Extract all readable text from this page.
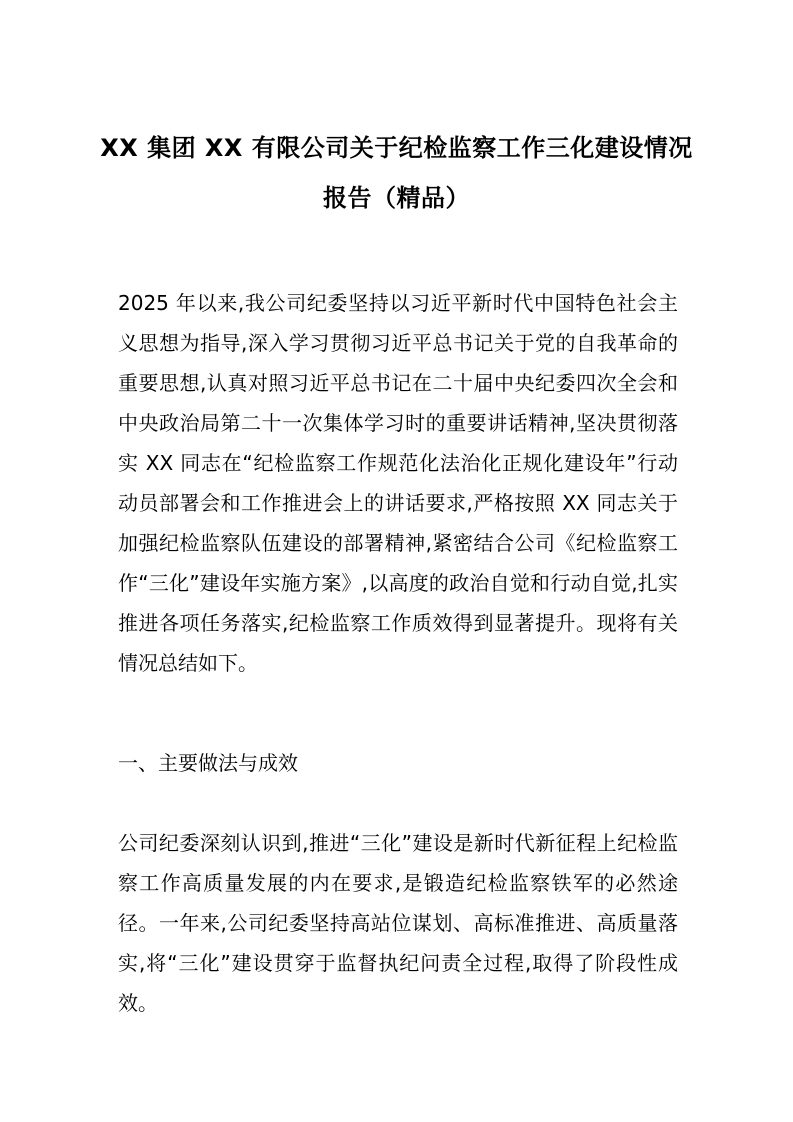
XX 集团 XX 有限公司关于纪检监察工作三化建设情况
报告（精品）
2025 年以来,我公司纪委坚持以习近平新时代中国特色社会主义思想为指导,深入学习贯彻习近平总书记关于党的自我革命的重要思想,认真对照习近平总书记在二十届中央纪委四次全会和中央政治局第二十一次集体学习时的重要讲话精神,坚决贯彻落实 XX 同志在“纪检监察工作规范化法治化正规化建设年”行动动员部署会和工作推进会上的讲话要求,严格按照 XX 同志关于加强纪检监察队伍建设的部署精神,紧密结合公司《纪检监察工作“三化”建设年实施方案》,以高度的政治自觉和行动自觉,扎实推进各项任务落实,纪检监察工作质效得到显著提升。现将有关情况总结如下。
一、主要做法与成效
公司纪委深刻认识到,推进“三化”建设是新时代新征程上纪检监察工作高质量发展的内在要求,是锻造纪检监察铁军的必然途径。一年来,公司纪委坚持高站位谋划、高标准推进、高质量落实,将“三化”建设贯穿于监督执纪问责全过程,取得了阶段性成效。
